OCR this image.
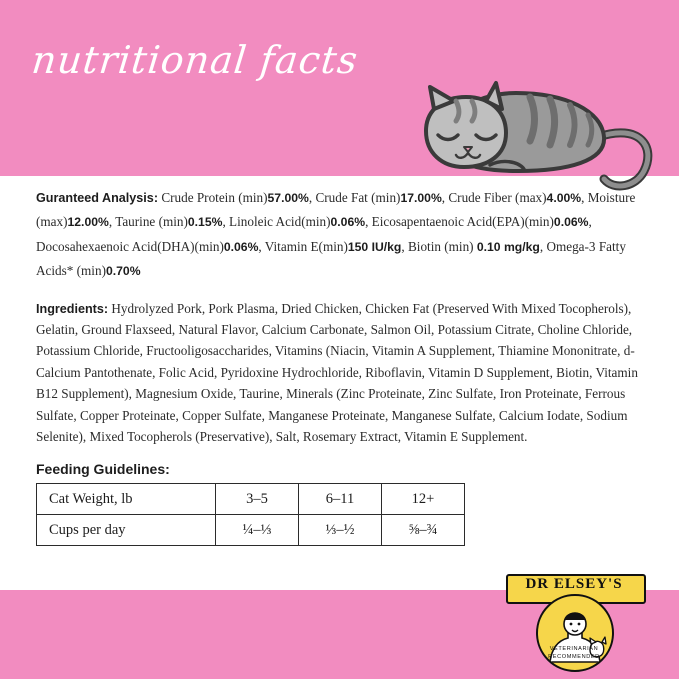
nutritional facts

Guranteed Analysis: Crude Protein (min)57.00%, Crude Fat (min)17.00%, Crude Fiber (max)4.00%, Moisture (max)12.00%, Taurine (min)0.15%, Linoleic Acid(min)0.06%, Eicosapentaenoic Acid(EPA)(min)0.06%, Docosahexaenoic Acid(DHA)(min)0.06%, Vitamin E(min)150 IU/kg, Biotin (min) 0.10 mg/kg, Omega-3 Fatty Acids* (min)0.70%

Ingredients: Hydrolyzed Pork, Pork Plasma, Dried Chicken, Chicken Fat (Preserved With Mixed Tocopherols), Gelatin, Ground Flaxseed, Natural Flavor, Calcium Carbonate, Salmon Oil, Potassium Citrate, Choline Chloride, Potassium Chloride, Fructooligosaccharides, Vitamins (Niacin, Vitamin A Supplement, Thiamine Mononitrate, d-Calcium Pantothenate, Folic Acid, Pyridoxine Hydrochloride, Riboflavin, Vitamin D Supplement, Biotin, Vitamin B12 Supplement), Magnesium Oxide, Taurine, Minerals (Zinc Proteinate, Zinc Sulfate, Iron Proteinate, Ferrous Sulfate, Copper Proteinate, Copper Sulfate, Manganese Proteinate, Manganese Sulfate, Calcium Iodate, Sodium Selenite), Mixed Tocopherols (Preservative), Salt, Rosemary Extract, Vitamin E Supplement.

Feeding Guidelines:
Cat Weight, lb	3–5	6–11	12+
Cups per day	¼–⅓	⅓–½	⅝–¾
DR ELSEY'S
VETERINARIAN
RECOMMENDED
